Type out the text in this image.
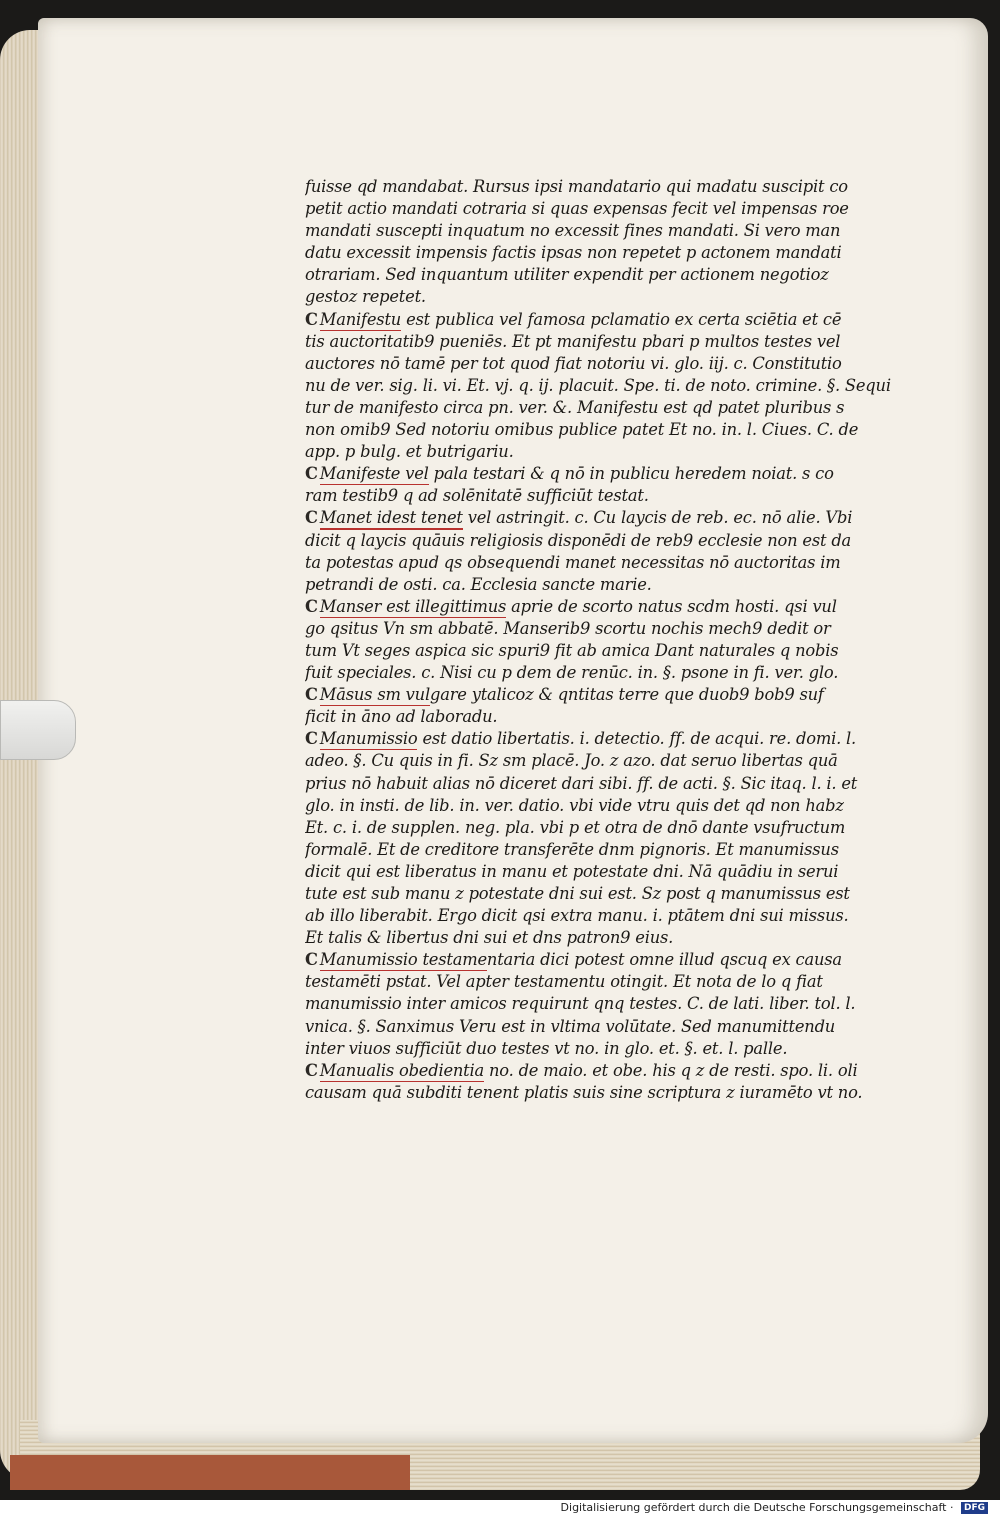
fuisse qd mandabat. Rursus ipsi mandatario qui madatu suscipit co
petit actio mandati cotraria si quas expensas fecit vel impensas roe
mandati suscepti inquatum no excessit fines mandati. Si vero man
datu excessit impensis factis ipsas non repetet p actonem mandati
otrariam. Sed inquantum utiliter expendit per actionem negotioz
gestoz repetet.
C Manifestu est publica vel famosa pclamatio ex certa sciētia et cē
tis auctoritatib9 pueniēs. Et pt manifestu pbari p multos testes vel
auctores nō tamē per tot quod fiat notoriu vi. glo. iij. c. Constitutio
nu de ver. sig. li. vi. Et. vj. q. ij. placuit. Spe. ti. de noto. crimine. §. Sequi
tur de manifesto circa pn. ver. &. Manifestu est qd patet pluribus s
non omib9 Sed notoriu omibus publice patet Et no. in. l. Ciues. C. de
app. p bulg. et butrigariu.
C Manifeste vel pala testari & q nō in publicu heredem noiat. s co
ram testib9 q ad solēnitatē sufficiūt testat.
C Manet idest tenet vel astringit. c. Cu laycis de reb. ec. nō alie. Vbi
dicit q laycis quāuis religiosis disponēdi de reb9 ecclesie non est da
ta potestas apud qs obsequendi manet necessitas nō auctoritas im
petrandi de osti. ca. Ecclesia sancte marie.
C Manser est illegittimus aprie de scorto natus scdm hosti. qsi vul
go qsitus Vn sm abbatē. Manserib9 scortu nochis mech9 dedit or
tum Vt seges aspica sic spuri9 fit ab amica Dant naturales q nobis
fuit speciales. c. Nisi cu p dem de renūc. in. §. psone in fi. ver. glo.
C Māsus sm vulgare ytalicoz & qntitas terre que duob9 bob9 suf
ficit in āno ad laboradu.
C Manumissio est datio libertatis. i. detectio. ff. de acqui. re. domi. l.
adeo. §. Cu quis in fi. Sz sm placē. Jo. z azo. dat seruo libertas quā
prius nō habuit alias nō diceret dari sibi. ff. de acti. §. Sic itaq. l. i. et
glo. in insti. de lib. in. ver. datio. vbi vide vtru quis det qd non habz
Et. c. i. de supplen. neg. pla. vbi p et otra de dnō dante vsufructum
formalē. Et de creditore transferēte dnm pignoris. Et manumissus
dicit qui est liberatus in manu et potestate dni. Nā quādiu in serui
tute est sub manu z potestate dni sui est. Sz post q manumissus est
ab illo liberabit. Ergo dicit qsi extra manu. i. ptātem dni sui missus.
Et talis & libertus dni sui et dns patron9 eius.
C Manumissio testamentaria dici potest omne illud qscuq ex causa
testamēti pstat. Vel apter testamentu otingit. Et nota de lo q fiat
manumissio inter amicos requirunt qnq testes. C. de lati. liber. tol. l.
vnica. §. Sanximus Veru est in vltima volūtate. Sed manumittendu
inter viuos sufficiūt duo testes vt no. in glo. et. §. et. l. palle.
C Manualis obedientia no. de maio. et obe. his q z de resti. spo. li. oli
causam quā subditi tenent platis suis sine scriptura z iuramēto vt no.
Digitalisierung gefördert durch die Deutsche Forschungsgemeinschaft · DFG
